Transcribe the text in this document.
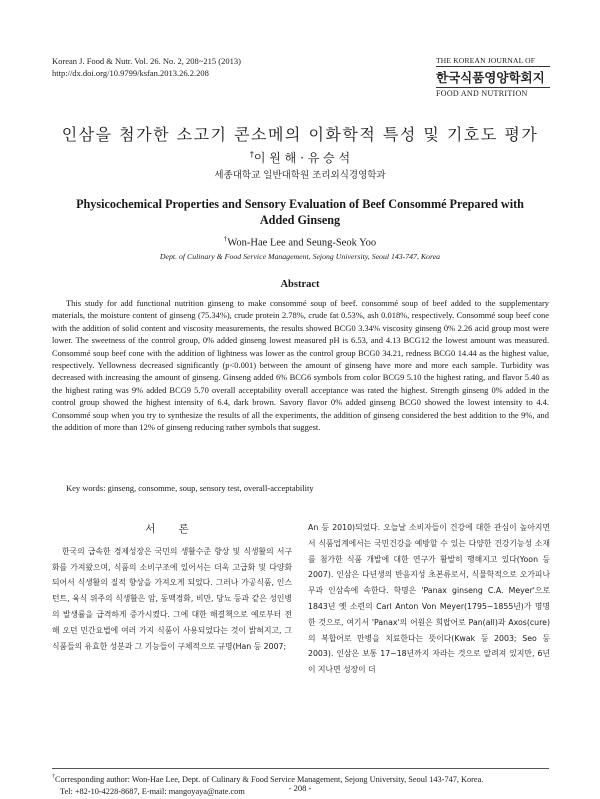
Korean J. Food & Nutr. Vol. 26. No. 2, 208~215 (2013)
http://dx.doi.org/10.9799/ksfan.2013.26.2.208
THE KOREAN JOURNAL OF
한국식품영양학회지
FOOD AND NUTRITION
인삼을 첨가한 소고기 콘소메의 이화학적 특성 및 기호도 평가
†이 원 해 · 유 승 석
세종대학교 일반대학원 조리외식경영학과
Physicochemical Properties and Sensory Evaluation of Beef Consommé Prepared with Added Ginseng
†Won-Hae Lee and Seung-Seok Yoo
Dept. of Culinary & Food Service Management, Sejong University, Seoul 143-747, Korea
Abstract

This study for add functional nutrition ginseng to make consommé soup of beef. consommé soup of beef added to the supplementary materials, the moisture content of ginseng (75.34%), crude protein 2.78%, crude fat 0.53%, ash 0.018%, respectively. Consommé soup beef cone with the addition of solid content and viscosity measurements, the results showed BCG0 3.34% viscosity ginseng 0% 2.26 acid group most were lower. The sweetness of the control group, 0% added ginseng lowest measured pH is 6.53, and 4.13 BCG12 the lowest amount was measured. Consommé soup beef cone with the addition of lightness was lower as the control group BCG0 34.21, redness BCG0 14.44 as the highest value, respectively. Yellowness decreased significantly (p<0.001) between the amount of ginseng have more and more each sample. Turbidity was decreased with increasing the amount of ginseng. Ginseng added 6% BCG6 symbols from color BCG9 5.10 the highest rating, and flavor 5.40 as the highest rating was 9% added BCG9 5.70 overall acceptability overall acceptance was rated the highest. Strength ginseng 0% added in the control group showed the highest intensity of 6.4, dark brown. Savory flavor 0% added ginseng BCG0 showed the lowest intensity to 4.4. Consommé soup when you try to synthesize the results of all the experiments, the addition of ginseng considered the best addition to the 9%, and the addition of more than 12% of ginseng reducing rather symbols that suggest.

Key words: ginseng, consomme, soup, sensory test, overall-acceptability
서 론

한국의 급속한 경제성장은 국민의 생활수준 향상 및 식생활의 서구화를 가져왔으며, 식품의 소비구조에 있어서는 더욱 고급화 및 다양화 되어서 식생활의 질적 향상을 가져오게 되었다. 그러나 가공식품, 인스턴트, 육식 위주의 식생활은 암, 동맥경화, 비만, 당뇨 등과 같은 성인병의 발생률을 급격하게 증가시켰다. 그에 대한 해결책으로 예로부터 전해 오던 민간요법에 여러 가지 식품이 사용되었다는 것이 밝혀지고, 그 식품들의 유효한 성분과 그 기능들이 구체적으로 규명(Han 등 2007;

An 등 2010)되었다. 오늘날 소비자들이 건강에 대한 관심이 높아지면서 식품업계에서는 국민건강을 예방할 수 있는 다양한 건강기능성 소재를 첨가한 식품 개발에 대한 연구가 활발히 행해지고 있다(Yoon 등 2007). 인삼은 다년생의 반음지성 초본류로서, 식물학적으로 오가피나무과 인삼속에 속한다. 학명은 'Panax ginseng C.A. Meyer'으로 1843년 옛 소련의 Carl Anton Von Meyer(1795~1855년)가 명명한 것으로, 여기서 'Panax'의 어원은 희랍어로 Pan(all)과 Axos(cure)의 복합어로 만병을 치료한다는 뜻이다(Kwak 등 2003; Seo 등 2003). 인삼은 보통 17~18년까지 자라는 것으로 알려져 있지만, 6년이 지나면 성장이 더

†Corresponding author: Won-Hae Lee, Dept. of Culinary & Food Service Management, Sejong University, Seoul 143-747, Korea.
Tel: +82-10-4228-8687, E-mail: mangoyaya@nate.com	- 208 -
